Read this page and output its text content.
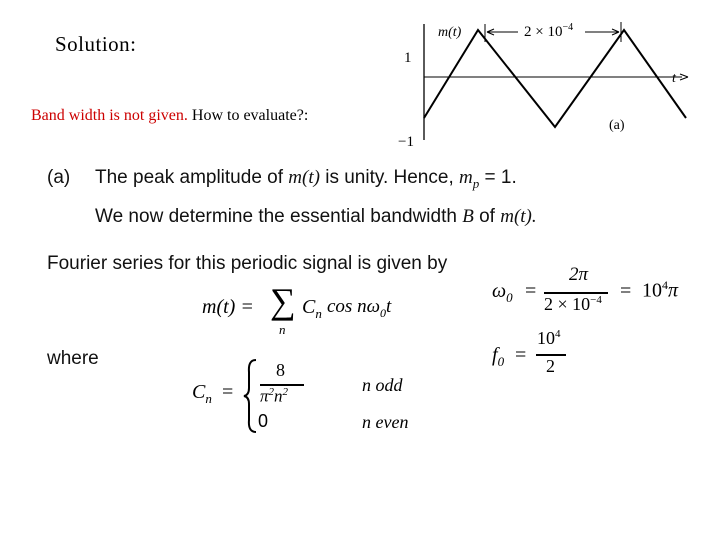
Solution:
Band width is not given. How to evaluate?:
m(t)	$2 \times 10^{-4}$
1
−1
t
(a)
(a) The peak amplitude of m(t) is unity. Hence, $m_p = 1$.
We now determine the essential bandwidth B of m(t).
Fourier series for this periodic signal is given by
m(t) = ∑
n
$C_n$ $\cos n\omega_0t$
$\omega_0$ =
2π
$2 \times 10^{-4} = 10^4\pi$
$f_0$ =
$10^4$
2
where
$C_n$ =
8
$\pi^2n^2$
0
n odd
n even
